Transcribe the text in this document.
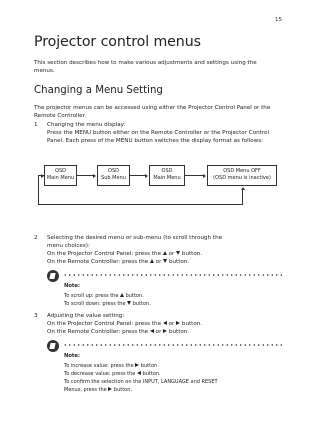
15
Projector control menus

This section describes how to make various adjustments and settings using the menus.

Changing a Menu Setting

The projector menus can be accessed using either the Projector Control Panel or the Remote Controller.

1 Changing the menu display:
Press the MENU button either on the Remote Controller or the Projector Control Panel. Each press of the MENU button switches the display format as follows:
OSD
Main Menu
OSD
Sub Menu
OSD
Main Menu
OSD Menu OFF
(OSD menu is inactive)
2 Selecting the desired menu or sub-menu (to scroll through the
menu choices):
On the Projector Control Panel: press the or button.
On the Remote Controller: press the or button.
Note:
To scroll up: press the button.
To scroll down: press the button.
3 Adjusting the value setting:
On the Projector Control Panel: press the or button.
On the Remote Controller: press the or button.
Note:
To increase value: press the button.
To decrease value: press the button.
To confirm the selection on the INPUT, LANGUAGE and RESET
Menus, press the button.
